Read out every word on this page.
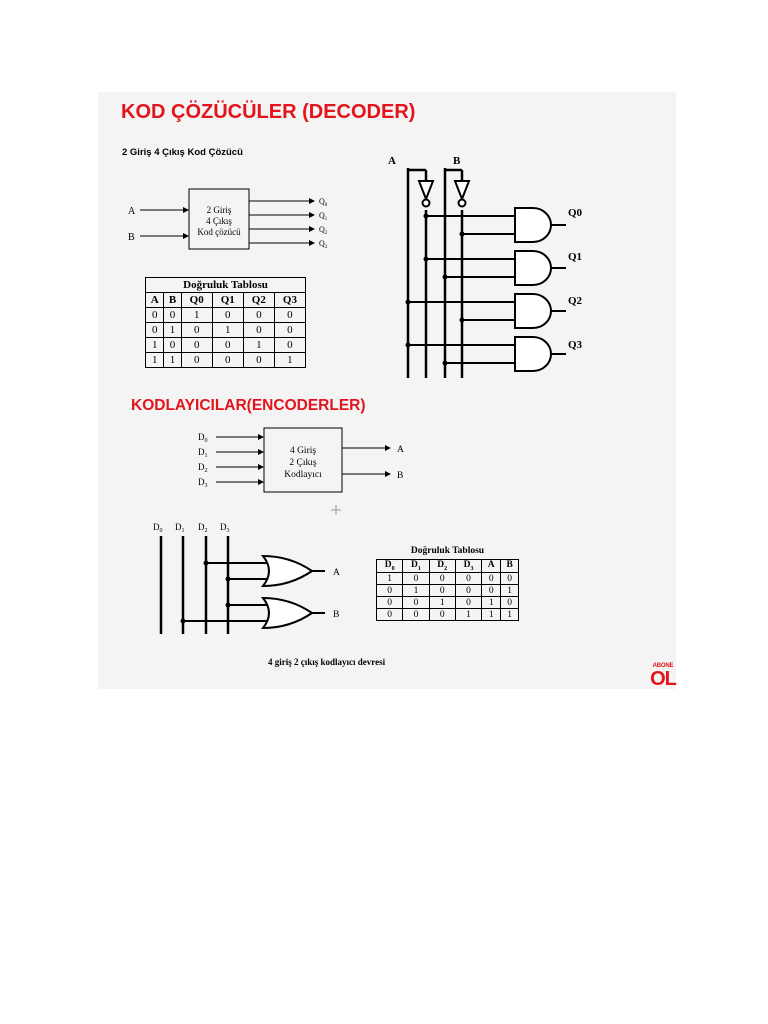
KOD ÇÖZÜCÜLER (DECODER)
2 Giriş 4 Çıkış Kod Çözücü
A
B
2 Giriş
4 Çıkış
Kod çözücü
$Q_0$
$Q_1$
$Q_2$
$Q_3$
Doğruluk Tablosu					
A	B	Q0	Q1	Q2	Q3
0	0	1	0	0	0
0	1	0	1	0	0
1	0	0	0	1	0
1	1	0	0	0	1
A	B
Q0
Q1
Q2
Q3
KODLAYICILAR(ENCODERLER)
$D_0$
$D_1$
$D_2$
$D_3$
4 Giriş
2 Çıkış
Kodlayıcı
A
B
$D_0$ $D_1$ $D_2$ $D_3$
A
B
Doğruluk Tablosu
$D_0$	$D_1$	$D_2$	$D_3$	A	B
1	0	0	0	0	0
0	1	0	0	0	1
0	0	1	0	1	0
0	0	0	1	1	1
4 giriş 2 çıkış kodlayıcı devresi	ABONE
OL
